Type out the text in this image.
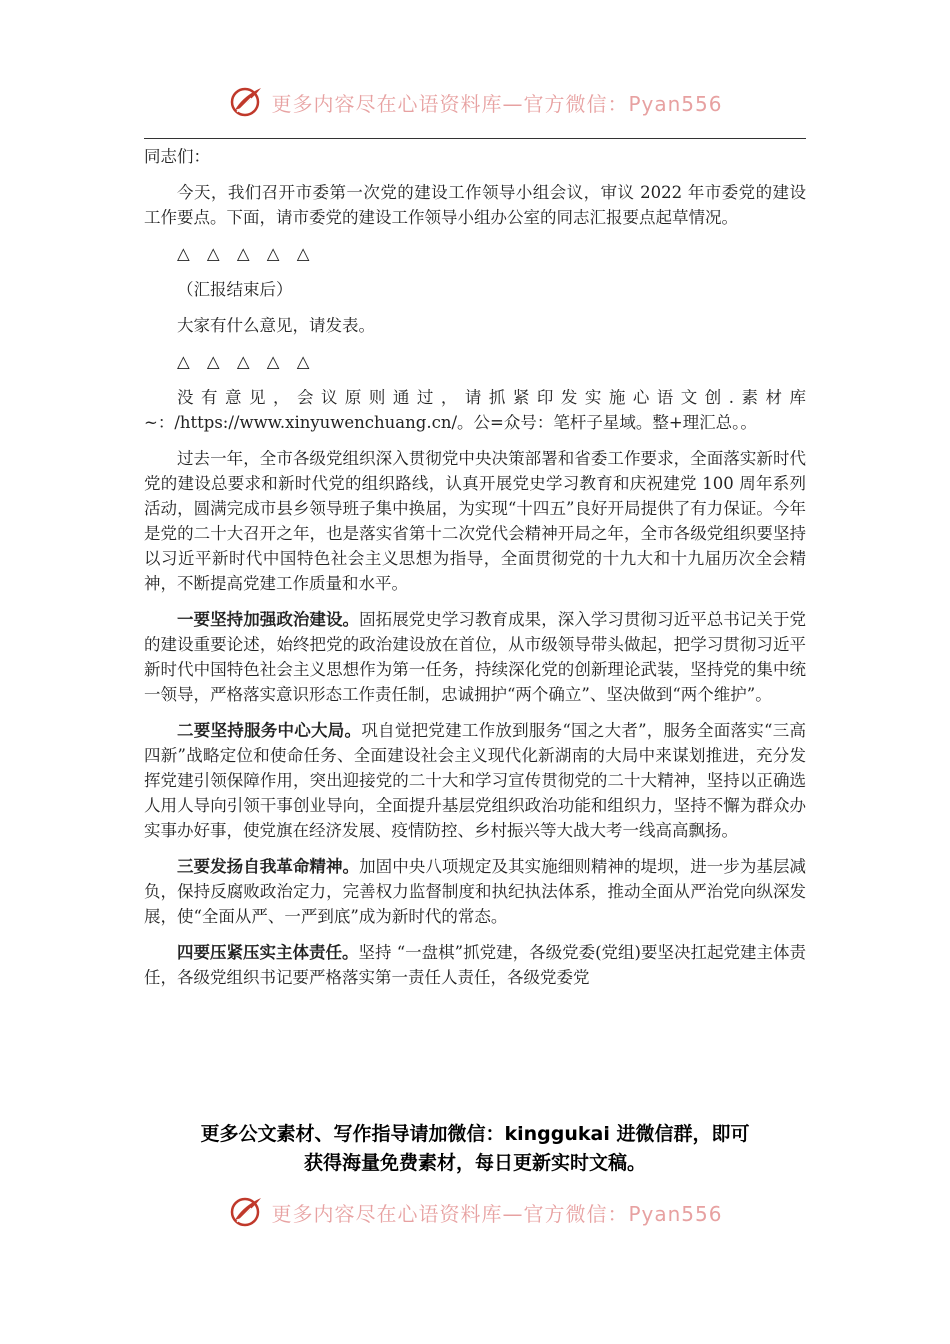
更多内容尽在心语资料库—官方微信：Pyan556

同志们：

今天，我们召开市委第一次党的建设工作领导小组会议，审议 2022 年市委党的建设工作要点。下面，请市委党的建设工作领导小组办公室的同志汇报要点起草情况。

△ △ △ △ △

（汇报结束后）

大家有什么意见，请发表。

△ △ △ △ △

没有意见，会议原则通过，请抓紧印发实施心语文创.素材库~：/https://www.xinyuwenchuang.cn/。公=众号：笔杆子星域。整+理汇总。。

过去一年，全市各级党组织深入贯彻党中央决策部署和省委工作要求，全面落实新时代党的建设总要求和新时代党的组织路线，认真开展党史学习教育和庆祝建党 100 周年系列活动，圆满完成市县乡领导班子集中换届，为实现“十四五”良好开局提供了有力保证。今年是党的二十大召开之年，也是落实省第十二次党代会精神开局之年，全市各级党组织要坚持以习近平新时代中国特色社会主义思想为指导，全面贯彻党的十九大和十九届历次全会精神，不断提高党建工作质量和水平。

一要坚持加强政治建设。固拓展党史学习教育成果，深入学习贯彻习近平总书记关于党的建设重要论述，始终把党的政治建设放在首位，从市级领导带头做起，把学习贯彻习近平新时代中国特色社会主义思想作为第一任务，持续深化党的创新理论武装，坚持党的集中统一领导，严格落实意识形态工作责任制，忠诚拥护“两个确立”、坚决做到“两个维护”。

二要坚持服务中心大局。巩自觉把党建工作放到服务“国之大者”，服务全面落实“三高四新”战略定位和使命任务、全面建设社会主义现代化新湖南的大局中来谋划推进，充分发挥党建引领保障作用，突出迎接党的二十大和学习宣传贯彻党的二十大精神，坚持以正确选人用人导向引领干事创业导向，全面提升基层党组织政治功能和组织力，坚持不懈为群众办实事办好事，使党旗在经济发展、疫情防控、乡村振兴等大战大考一线高高飘扬。

三要发扬自我革命精神。加固中央八项规定及其实施细则精神的堤坝，进一步为基层减负，保持反腐败政治定力，完善权力监督制度和执纪执法体系，推动全面从严治党向纵深发展，使“全面从严、一严到底”成为新时代的常态。

四要压紧压实主体责任。坚持 “一盘棋”抓党建，各级党委(党组)要坚决扛起党建主体责任，各级党组织书记要严格落实第一责任人责任，各级党委党

更多公文素材、写作指导请加微信：kinggukai 进微信群，即可
获得海量免费素材，每日更新实时文稿。
更多内容尽在心语资料库—官方微信：Pyan556
